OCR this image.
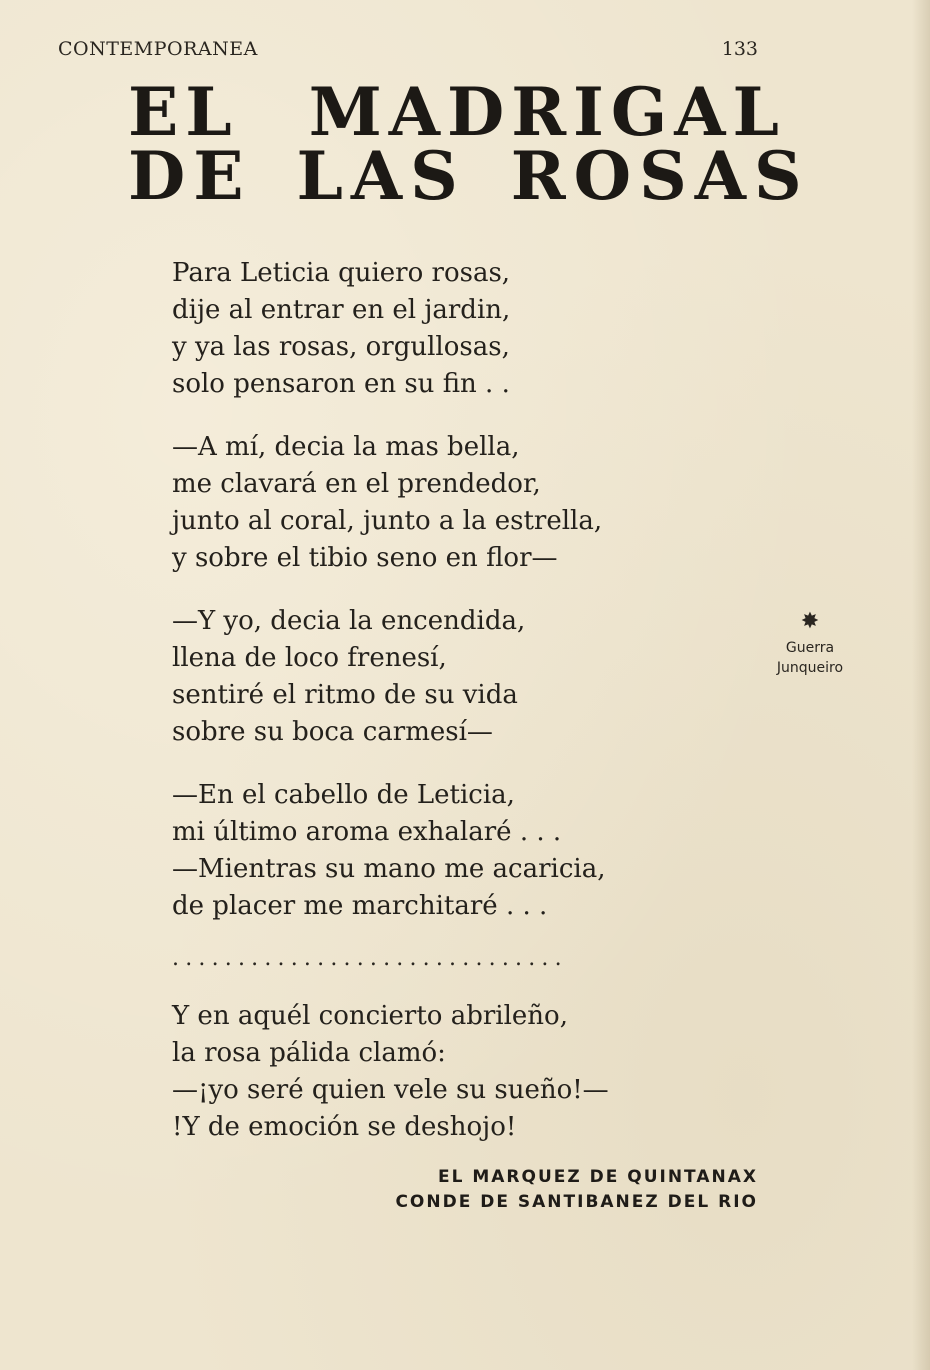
CONTEMPORANEA	133
EL MADRIGAL
DE LAS ROSAS
Para Leticia quiero rosas,
dije al entrar en el jardin,
y ya las rosas, orgullosas,
solo pensaron en su fin . .
—A mí, decia la mas bella,
me clavará en el prendedor,
junto al coral, junto a la estrella,
y sobre el tibio seno en flor—
—Y yo, decia la encendida,
llena de loco frenesí,
sentiré el ritmo de su vida
sobre su boca carmesí—
—En el cabello de Leticia,
mi último aroma exhalaré . . .
—Mientras su mano me acaricia,
de placer me marchitaré . . .
..............................
Y en aquél concierto abrileño,
la rosa pálida clamó:
—¡yo seré quien vele su sueño!—
!Y de emoción se deshojo!
✸
Guerra
Junqueiro
EL MARQUEZ DE QUINTANAX
CONDE DE SANTIBANEZ DEL RIO
